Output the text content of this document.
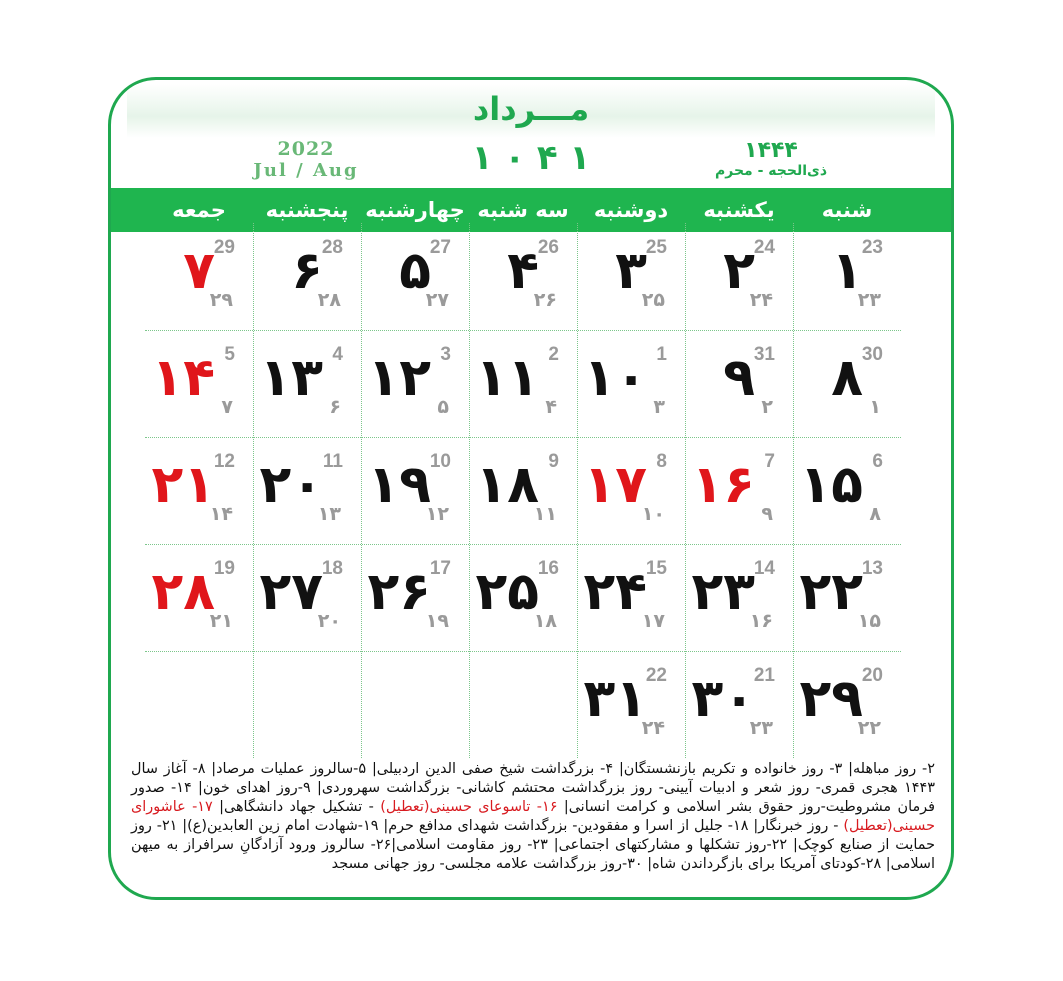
مـــرداد
2022
Jul / Aug	۱ ۴ ۰ ۱	۱۴۴۴
ذی‌الحجه - محرم
شنبه
یکشنبه
دوشنبه
سه شنبه
چهارشنبه
پنجشنبه
جمعه
۲- روز مباهله| ۳- روز خانواده و تکریم بازنشستگان| ۴- بزرگداشت شیخ صفی الدین اردبیلی| ۵-سالروز عملیات مرصاد| ۸- آغاز سال ۱۴۴۳ هجری قمری- روز شعر و ادبیات آیینی- روز بزرگداشت محتشم کاشانی- بزرگداشت سهروردی| ۹-روز اهدای خون| ۱۴- صدور فرمان مشروطیت-روز حقوق بشر اسلامی و کرامت انسانی| ۱۶- تاسوعای حسینی(تعطیل) - تشکیل جهاد دانشگاهی| ۱۷- عاشورای حسینی(تعطیل) - روز خبرنگار| ۱۸- جلیل از اسرا و مفقودین- بزرگداشت شهدای مدافع حرم| ۱۹-شهادت امام زین العابدین(ع)| ۲۱- روز حمایت از صنایع کوچک| ۲۲-روز تشکلها و مشارکتهای اجتماعی| ۲۳- روز مقاومت اسلامی|۲۶- سالروز ورود آزادگانِ سرافراز به میهن اسلامی| ۲۸-کودتای آمریکا برای بازگرداندن شاه| ۳۰-روز بزرگداشت علامه مجلسی- روز جهانی مسجد
23
۱
۲۳
24
۲
۲۴
25
۳
۲۵
26
۴
۲۶
27
۵
۲۷
28
۶
۲۸
29
۷
۲۹
30
۸ ۱
31
۹ ۲
1
۱۰ ۳
2
۱۱ ۴
3
۱۲ ۵
4
۱۳ ۶
5
۱۴ ۷
6
۱۵ ۸
7
۱۶ ۹
8
۱۷
۱۰
9
۱۸
۱۱
10
۱۹
۱۲
11
۲۰
۱۳
12
۲۱
۱۴
13
۲۲
۱۵
14
۲۳
۱۶
15
۲۴
۱۷
16
۲۵
۱۸
17
۲۶
۱۹
18
۲۷
۲۰
19
۲۸
۲۱
20
۲۹
۲۲
21
۳۰
۲۳
22
۳۱
۲۴
